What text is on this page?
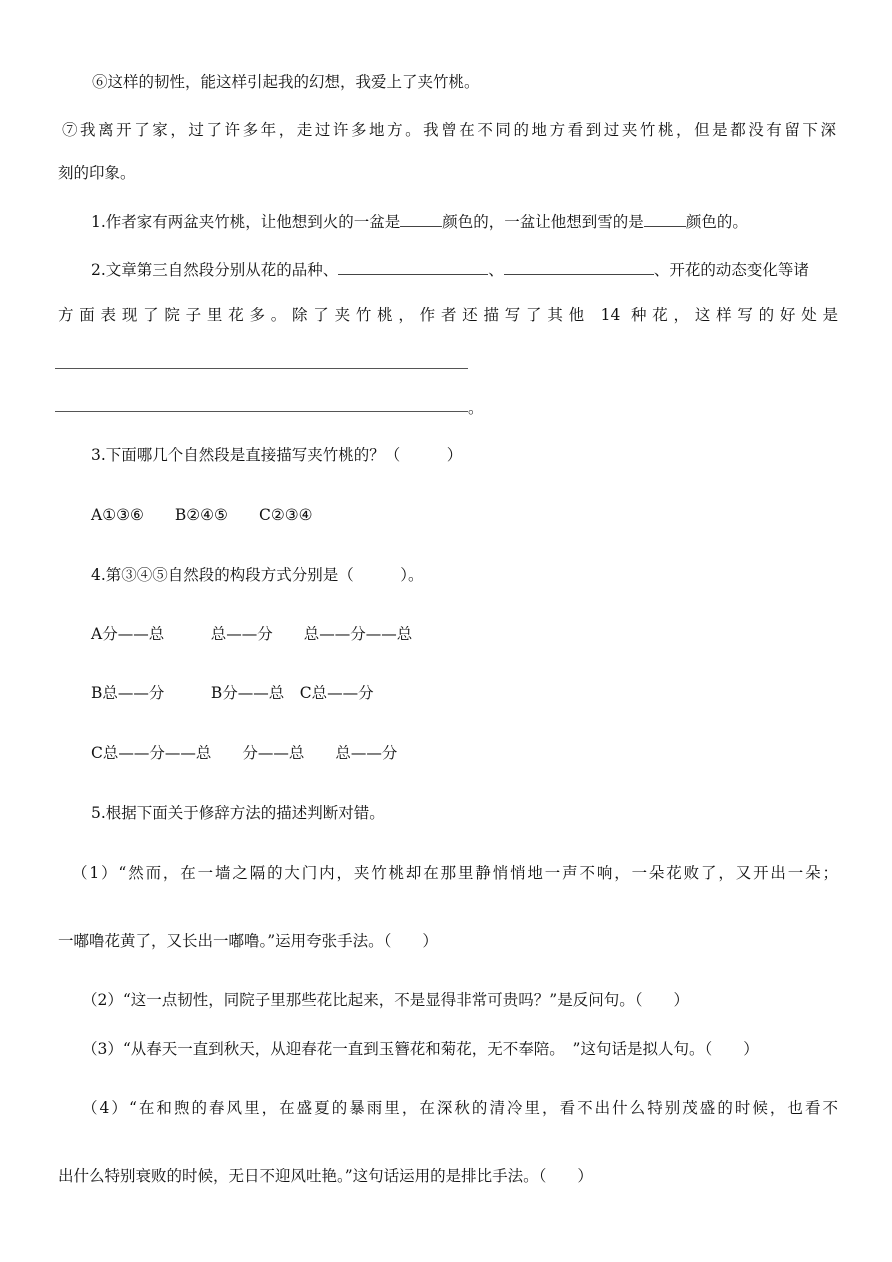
⑥这样的韧性，能这样引起我的幻想，我爱上了夹竹桃。
⑦我离开了家，过了许多年，走过许多地方。我曾在不同的地方看到过夹竹桃，但是都没有留下深
刻的印象。
1.作者家有两盆夹竹桃，让他想到火的一盆是	颜色的，一盆让他想到雪的是	颜色的。
2.文章第三自然段分别从花的品种、	、	、开花的动态变化等诸
方面表现了院子里花多。除了夹竹桃，作者还描写了其他 14 种花，这样写的好处是
。
3.下面哪几个自然段是直接描写夹竹桃的？（　　　）
A①③⑥　　B②④⑤　　C②③④
4.第③④⑤自然段的构段方式分别是（　　　）。
A分——总　　　总——分　　总——分——总
B总——分　　　B分——总　C总——分
C总——分——总　　分——总　　总——分
5.根据下面关于修辞方法的描述判断对错。
（1）“然而，在一墙之隔的大门内，夹竹桃却在那里静悄悄地一声不响，一朵花败了，又开出一朵；
一嘟噜花黄了，又长出一嘟噜。”运用夸张手法。（　　）
（2）“这一点韧性，同院子里那些花比起来，不是显得非常可贵吗？”是反问句。（　　）
（3）“从春天一直到秋天，从迎春花一直到玉簪花和菊花，无不奉陪。　”这句话是拟人句。（　　）
（4）“在和煦的春风里，在盛夏的暴雨里，在深秋的清冷里，看不出什么特别茂盛的时候，也看不
出什么特别衰败的时候，无日不迎风吐艳。”这句话运用的是排比手法。（　　）
